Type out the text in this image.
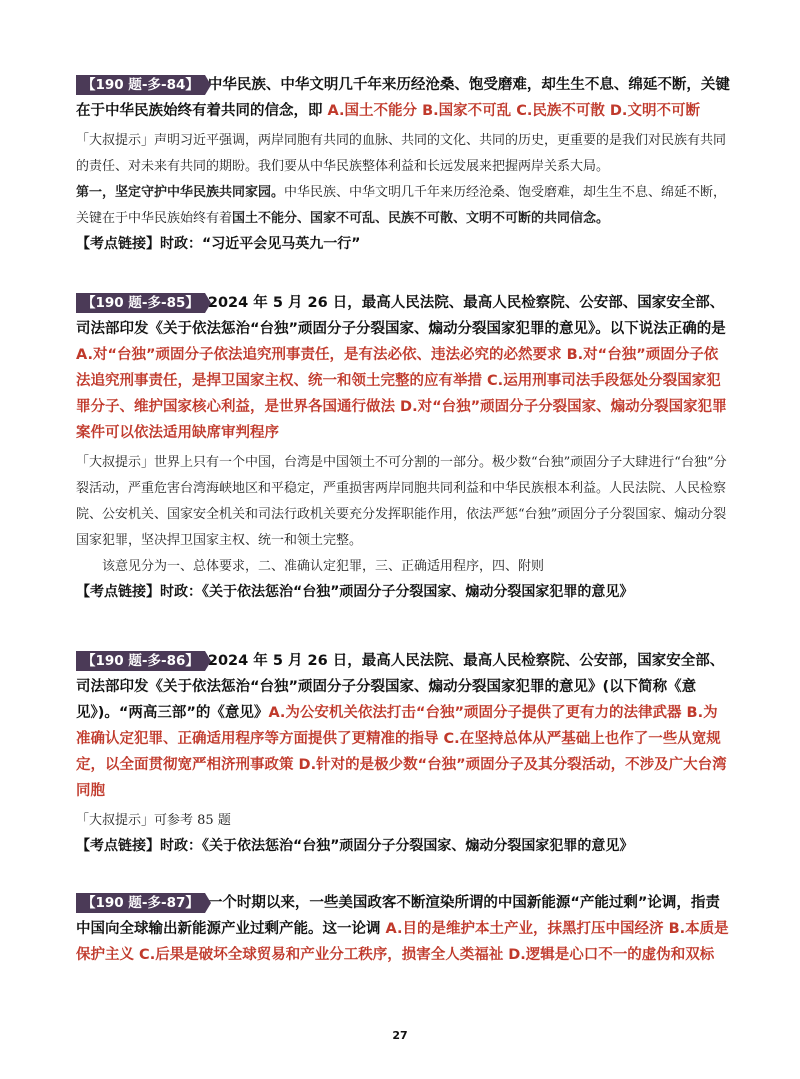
【190 题-多-84】 中华民族、中华文明几千年来历经沧桑、饱受磨难，却生生不息、绵延不断，关键在于中华民族始终有着共同的信念，即 A.国土不能分 B.国家不可乱 C.民族不可散 D.文明不可断
「大叔提示」声明习近平强调，两岸同胞有共同的血脉、共同的文化、共同的历史，更重要的是我们对民族有共同的责任、对未来有共同的期盼。我们要从中华民族整体利益和长远发展来把握两岸关系大局。
第一，坚定守护中华民族共同家园。中华民族、中华文明几千年来历经沧桑、饱受磨难，却生生不息、绵延不断，关键在于中华民族始终有着国土不能分、国家不可乱、民族不可散、文明不可断的共同信念。
【考点链接】时政：“习近平会见马英九一行”
【190 题-多-85】 2024 年 5 月 26 日，最高人民法院、最高人民检察院、公安部、国家安全部、司法部印发《关于依法惩治“台独”顽固分子分裂国家、煽动分裂国家犯罪的意见》。以下说法正确的是 A.对“台独”顽固分子依法追究刑事责任，是有法必依、违法必究的必然要求 B.对“台独”顽固分子依法追究刑事责任，是捍卫国家主权、统一和领土完整的应有举措 C.运用刑事司法手段惩处分裂国家犯罪分子、维护国家核心利益，是世界各国通行做法 D.对“台独”顽固分子分裂国家、煽动分裂国家犯罪案件可以依法适用缺席审判程序
「大叔提示」世界上只有一个中国，台湾是中国领土不可分割的一部分。极少数“台独”顽固分子大肆进行“台独”分裂活动，严重危害台湾海峡地区和平稳定，严重损害两岸同胞共同利益和中华民族根本利益。人民法院、人民检察院、公安机关、国家安全机关和司法行政机关要充分发挥职能作用，依法严惩“台独”顽固分子分裂国家、煽动分裂国家犯罪，坚决捍卫国家主权、统一和领土完整。
该意见分为一、总体要求，二、准确认定犯罪，三、正确适用程序，四、附则
【考点链接】时政：《关于依法惩治“台独”顽固分子分裂国家、煽动分裂国家犯罪的意见》
【190 题-多-86】 2024 年 5 月 26 日，最高人民法院、最高人民检察院、公安部，国家安全部、司法部印发《关于依法惩治“台独”顽固分子分裂国家、煽动分裂国家犯罪的意见》(以下简称《意见》)。“两高三部”的《意见》A.为公安机关依法打击“台独”顽固分子提供了更有力的法律武器 B.为准确认定犯罪、正确适用程序等方面提供了更精准的指导 C.在坚持总体从严基础上也作了一些从宽规定，以全面贯彻宽严相济刑事政策 D.针对的是极少数“台独”顽固分子及其分裂活动，不涉及广大台湾同胞
「大叔提示」可参考 85 题
【考点链接】时政：《关于依法惩治“台独”顽固分子分裂国家、煽动分裂国家犯罪的意见》
【190 题-多-87】 一个时期以来，一些美国政客不断渲染所谓的中国新能源“产能过剩”论调，指责中国向全球输出新能源产业过剩产能。这一论调 A.目的是维护本土产业，抹黑打压中国经济 B.本质是保护主义 C.后果是破坏全球贸易和产业分工秩序，损害全人类福祉 D.逻辑是心口不一的虚伪和双标
27
